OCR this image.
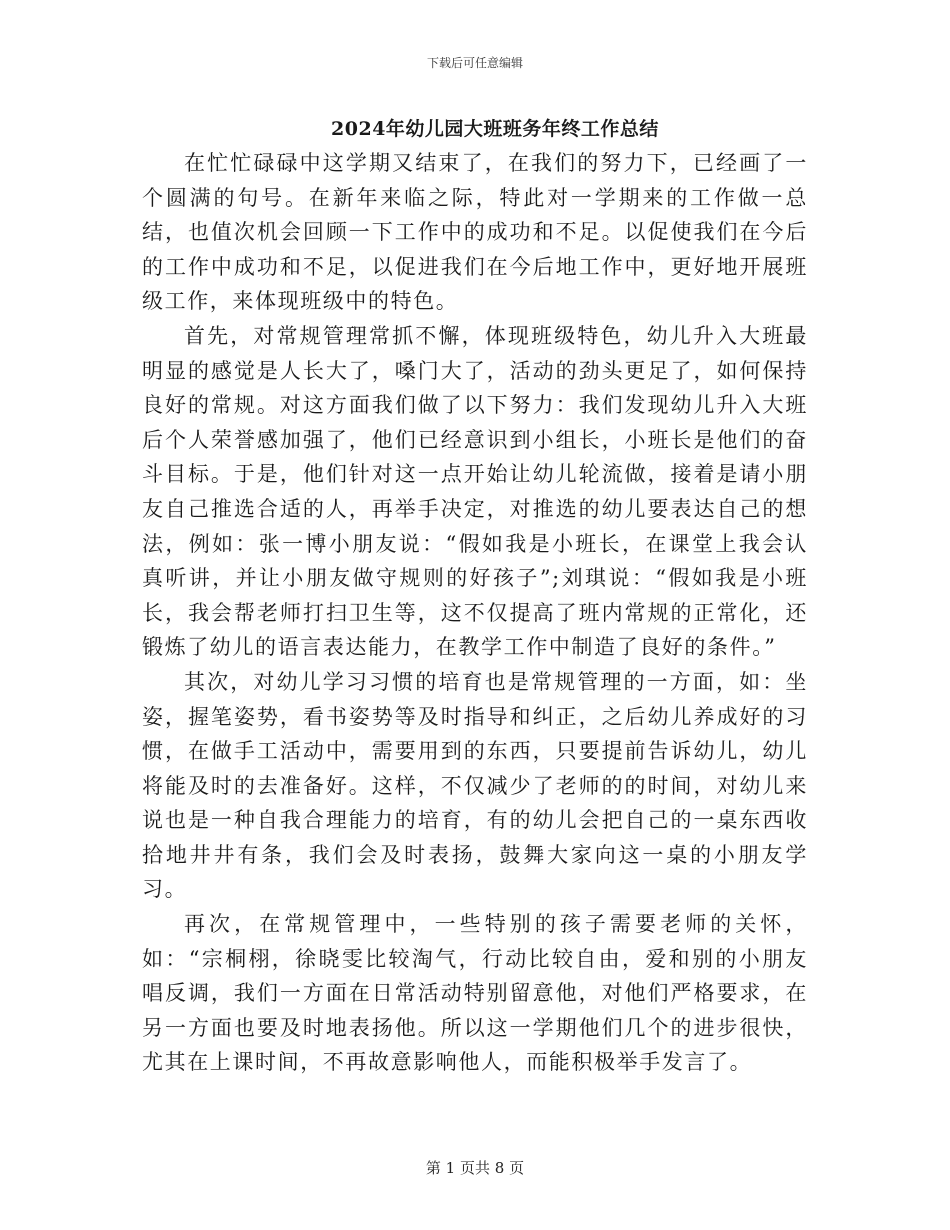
下载后可任意编辑
2024年幼儿园大班班务年终工作总结

在忙忙碌碌中这学期又结束了，在我们的努力下，已经画了一个圆满的句号。在新年来临之际，特此对一学期来的工作做一总结，也值次机会回顾一下工作中的成功和不足。以促使我们在今后的工作中成功和不足，以促进我们在今后地工作中，更好地开展班级工作，来体现班级中的特色。

首先，对常规管理常抓不懈，体现班级特色，幼儿升入大班最明显的感觉是人长大了，嗓门大了，活动的劲头更足了，如何保持良好的常规。对这方面我们做了以下努力：我们发现幼儿升入大班后个人荣誉感加强了，他们已经意识到小组长，小班长是他们的奋斗目标。于是，他们针对这一点开始让幼儿轮流做，接着是请小朋友自己推选合适的人，再举手决定，对推选的幼儿要表达自己的想法，例如：张一博小朋友说：“假如我是小班长，在课堂上我会认真听讲，并让小朋友做守规则的好孩子”;刘琪说：“假如我是小班长，我会帮老师打扫卫生等，这不仅提高了班内常规的正常化，还锻炼了幼儿的语言表达能力，在教学工作中制造了良好的条件。”

其次，对幼儿学习习惯的培育也是常规管理的一方面，如：坐姿，握笔姿势，看书姿势等及时指导和纠正，之后幼儿养成好的习惯，在做手工活动中，需要用到的东西，只要提前告诉幼儿，幼儿将能及时的去准备好。这样，不仅减少了老师的的时间，对幼儿来说也是一种自我合理能力的培育，有的幼儿会把自己的一桌东西收拾地井井有条，我们会及时表扬，鼓舞大家向这一桌的小朋友学习。

再次，在常规管理中，一些特别的孩子需要老师的关怀，如：“宗桐栩，徐晓雯比较淘气，行动比较自由，爱和别的小朋友唱反调，我们一方面在日常活动特别留意他，对他们严格要求，在另一方面也要及时地表扬他。所以这一学期他们几个的进步很快，尤其在上课时间，不再故意影响他人，而能积极举手发言了。

第 1 页共 8 页
